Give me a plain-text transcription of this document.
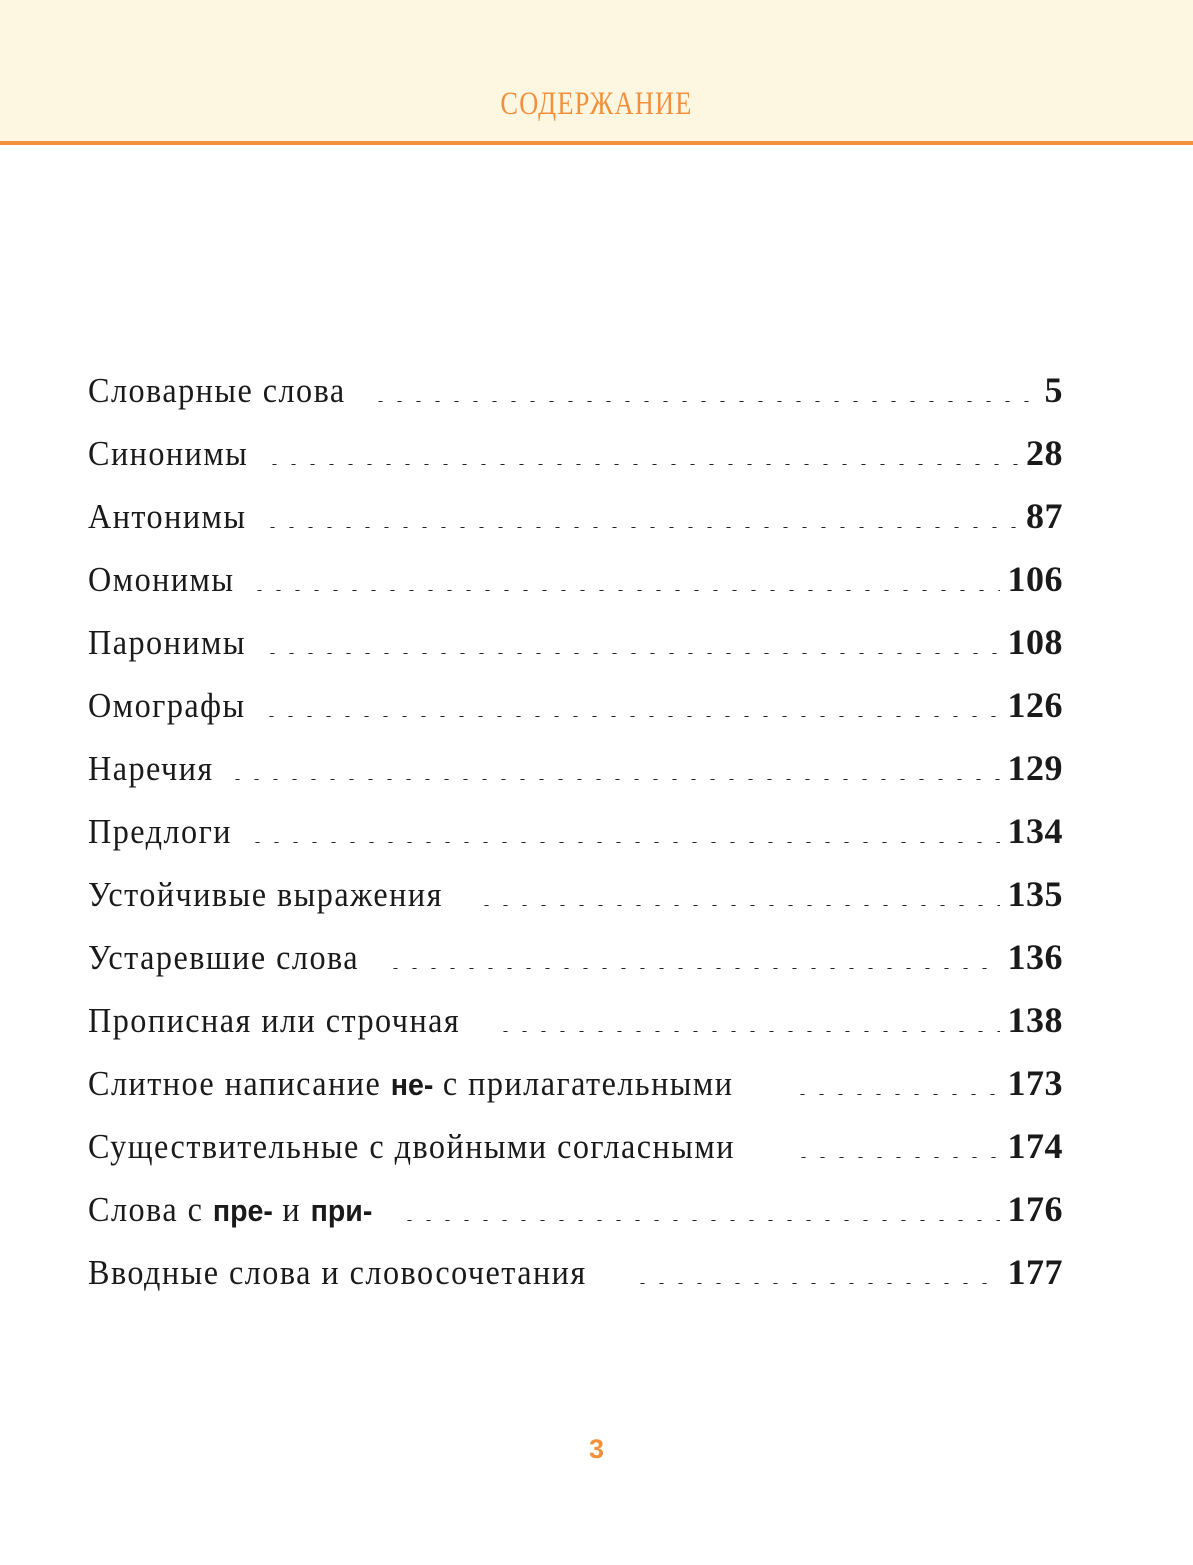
СОДЕРЖАНИЕ
Словарные слова	5
Синонимы	28
Антонимы	87
Омонимы	106
Паронимы	108
Омографы	126
Наречия	129
Предлоги	134
Устойчивые выражения	135
Устаревшие слова	136
Прописная или строчная	138
Слитное написание не- с прилагательными	173
Существительные с двойными согласными	174
Слова с пре- и при-	176
Вводные слова и словосочетания	177
3
